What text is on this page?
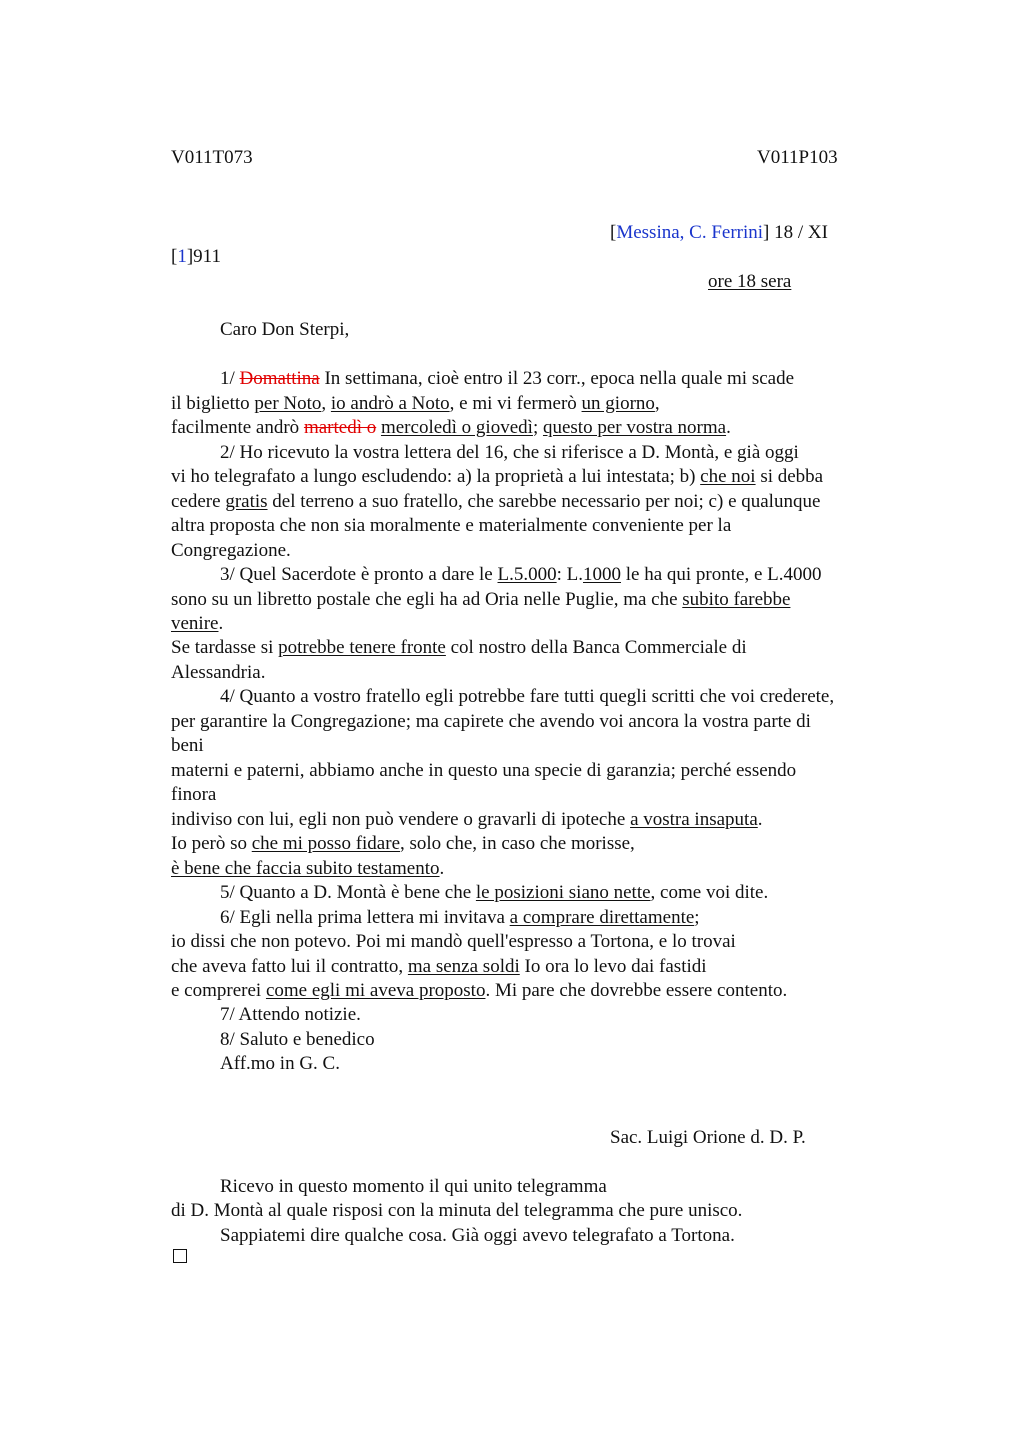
V011T073	V011P103
[Messina, C. Ferrini] 18 / XI
[1]911
ore 18 sera
Caro Don Sterpi,
1/ Domattina In settimana, cioè entro il 23 corr., epoca nella quale mi scade
il biglietto per Noto, io andrò a Noto, e mi vi fermerò un giorno,
facilmente andrò martedì o mercoledì o giovedì; questo per vostra norma.
2/ Ho ricevuto la vostra lettera del 16, che si riferisce a D. Montà, e già oggi
vi ho telegrafato a lungo escludendo: a) la proprietà a lui intestata; b) che noi si debba
cedere gratis del terreno a suo fratello, che sarebbe necessario per noi; c) e qualunque
altra proposta che non sia moralmente e materialmente conveniente per la
Congregazione.
3/ Quel Sacerdote è pronto a dare le L.5.000: L.1000 le ha qui pronte, e L.4000
sono su un libretto postale che egli ha ad Oria nelle Puglie, ma che subito farebbe
venire.
Se tardasse si potrebbe tenere fronte col nostro della Banca Commerciale di
Alessandria.
4/ Quanto a vostro fratello egli potrebbe fare tutti quegli scritti che voi crederete,
per garantire la Congregazione; ma capirete che avendo voi ancora la vostra parte di
beni
materni e paterni, abbiamo anche in questo una specie di garanzia; perché essendo
finora
indiviso con lui, egli non può vendere o gravarli di ipoteche a vostra insaputa.
Io però so che mi posso fidare, solo che, in caso che morisse,
è bene che faccia subito testamento.
5/ Quanto a D. Montà è bene che le posizioni siano nette, come voi dite.
6/ Egli nella prima lettera mi invitava a comprare direttamente;
io dissi che non potevo. Poi mi mandò quell'espresso a Tortona, e lo trovai
che aveva fatto lui il contratto, ma senza soldi Io ora lo levo dai fastidi
e comprerei come egli mi aveva proposto. Mi pare che dovrebbe essere contento.
7/ Attendo notizie.
8/ Saluto e benedico
Aff.mo in G. C.
Sac. Luigi Orione d. D. P.
Ricevo in questo momento il qui unito telegramma
di D. Montà al quale risposi con la minuta del telegramma che pure unisco.
Sappiatemi dire qualche cosa. Già oggi avevo telegrafato a Tortona.
